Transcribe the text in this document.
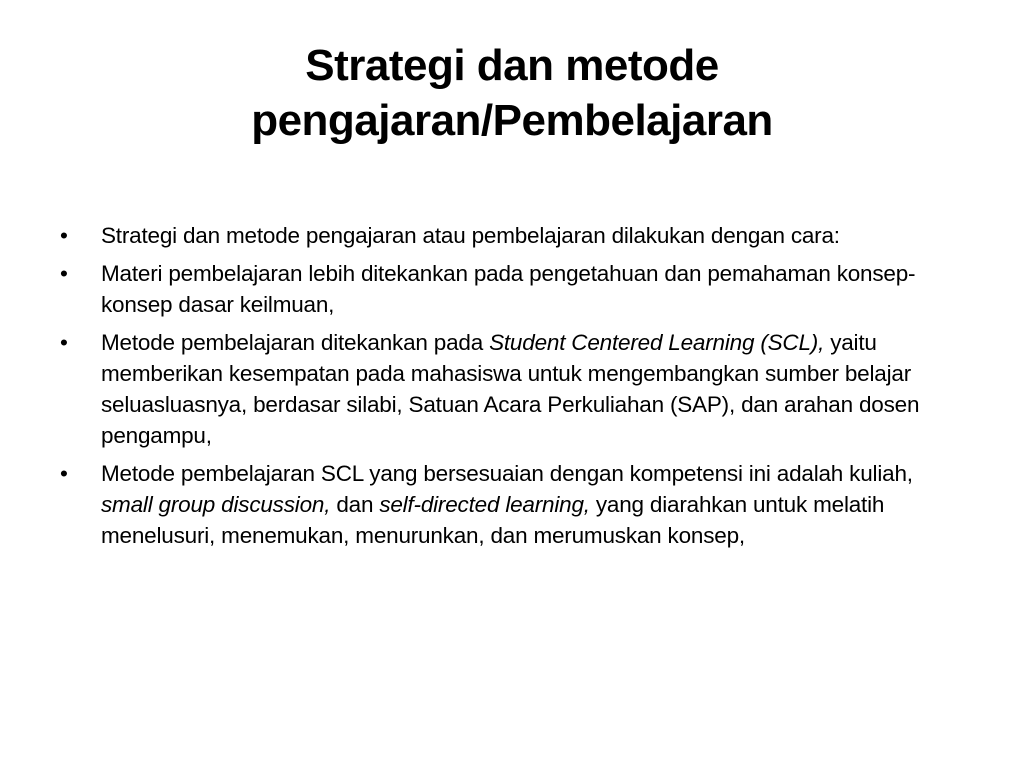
Strategi dan metode
pengajaran/Pembelajaran
•	Strategi dan metode pengajaran atau pembelajaran dilakukan dengan cara:
•	Materi pembelajaran lebih ditekankan pada pengetahuan dan pemahaman konsep-konsep dasar keilmuan,
•	Metode pembelajaran ditekankan pada Student Centered Learning (SCL), yaitu memberikan kesempatan pada mahasiswa untuk mengembangkan sumber belajar seluasluasnya, berdasar silabi, Satuan Acara Perkuliahan (SAP), dan arahan dosen pengampu,
•	Metode pembelajaran SCL yang bersesuaian dengan kompetensi ini adalah kuliah, small group discussion, dan self-directed learning, yang diarahkan untuk melatih menelusuri, menemukan, menurunkan, dan merumuskan konsep,
